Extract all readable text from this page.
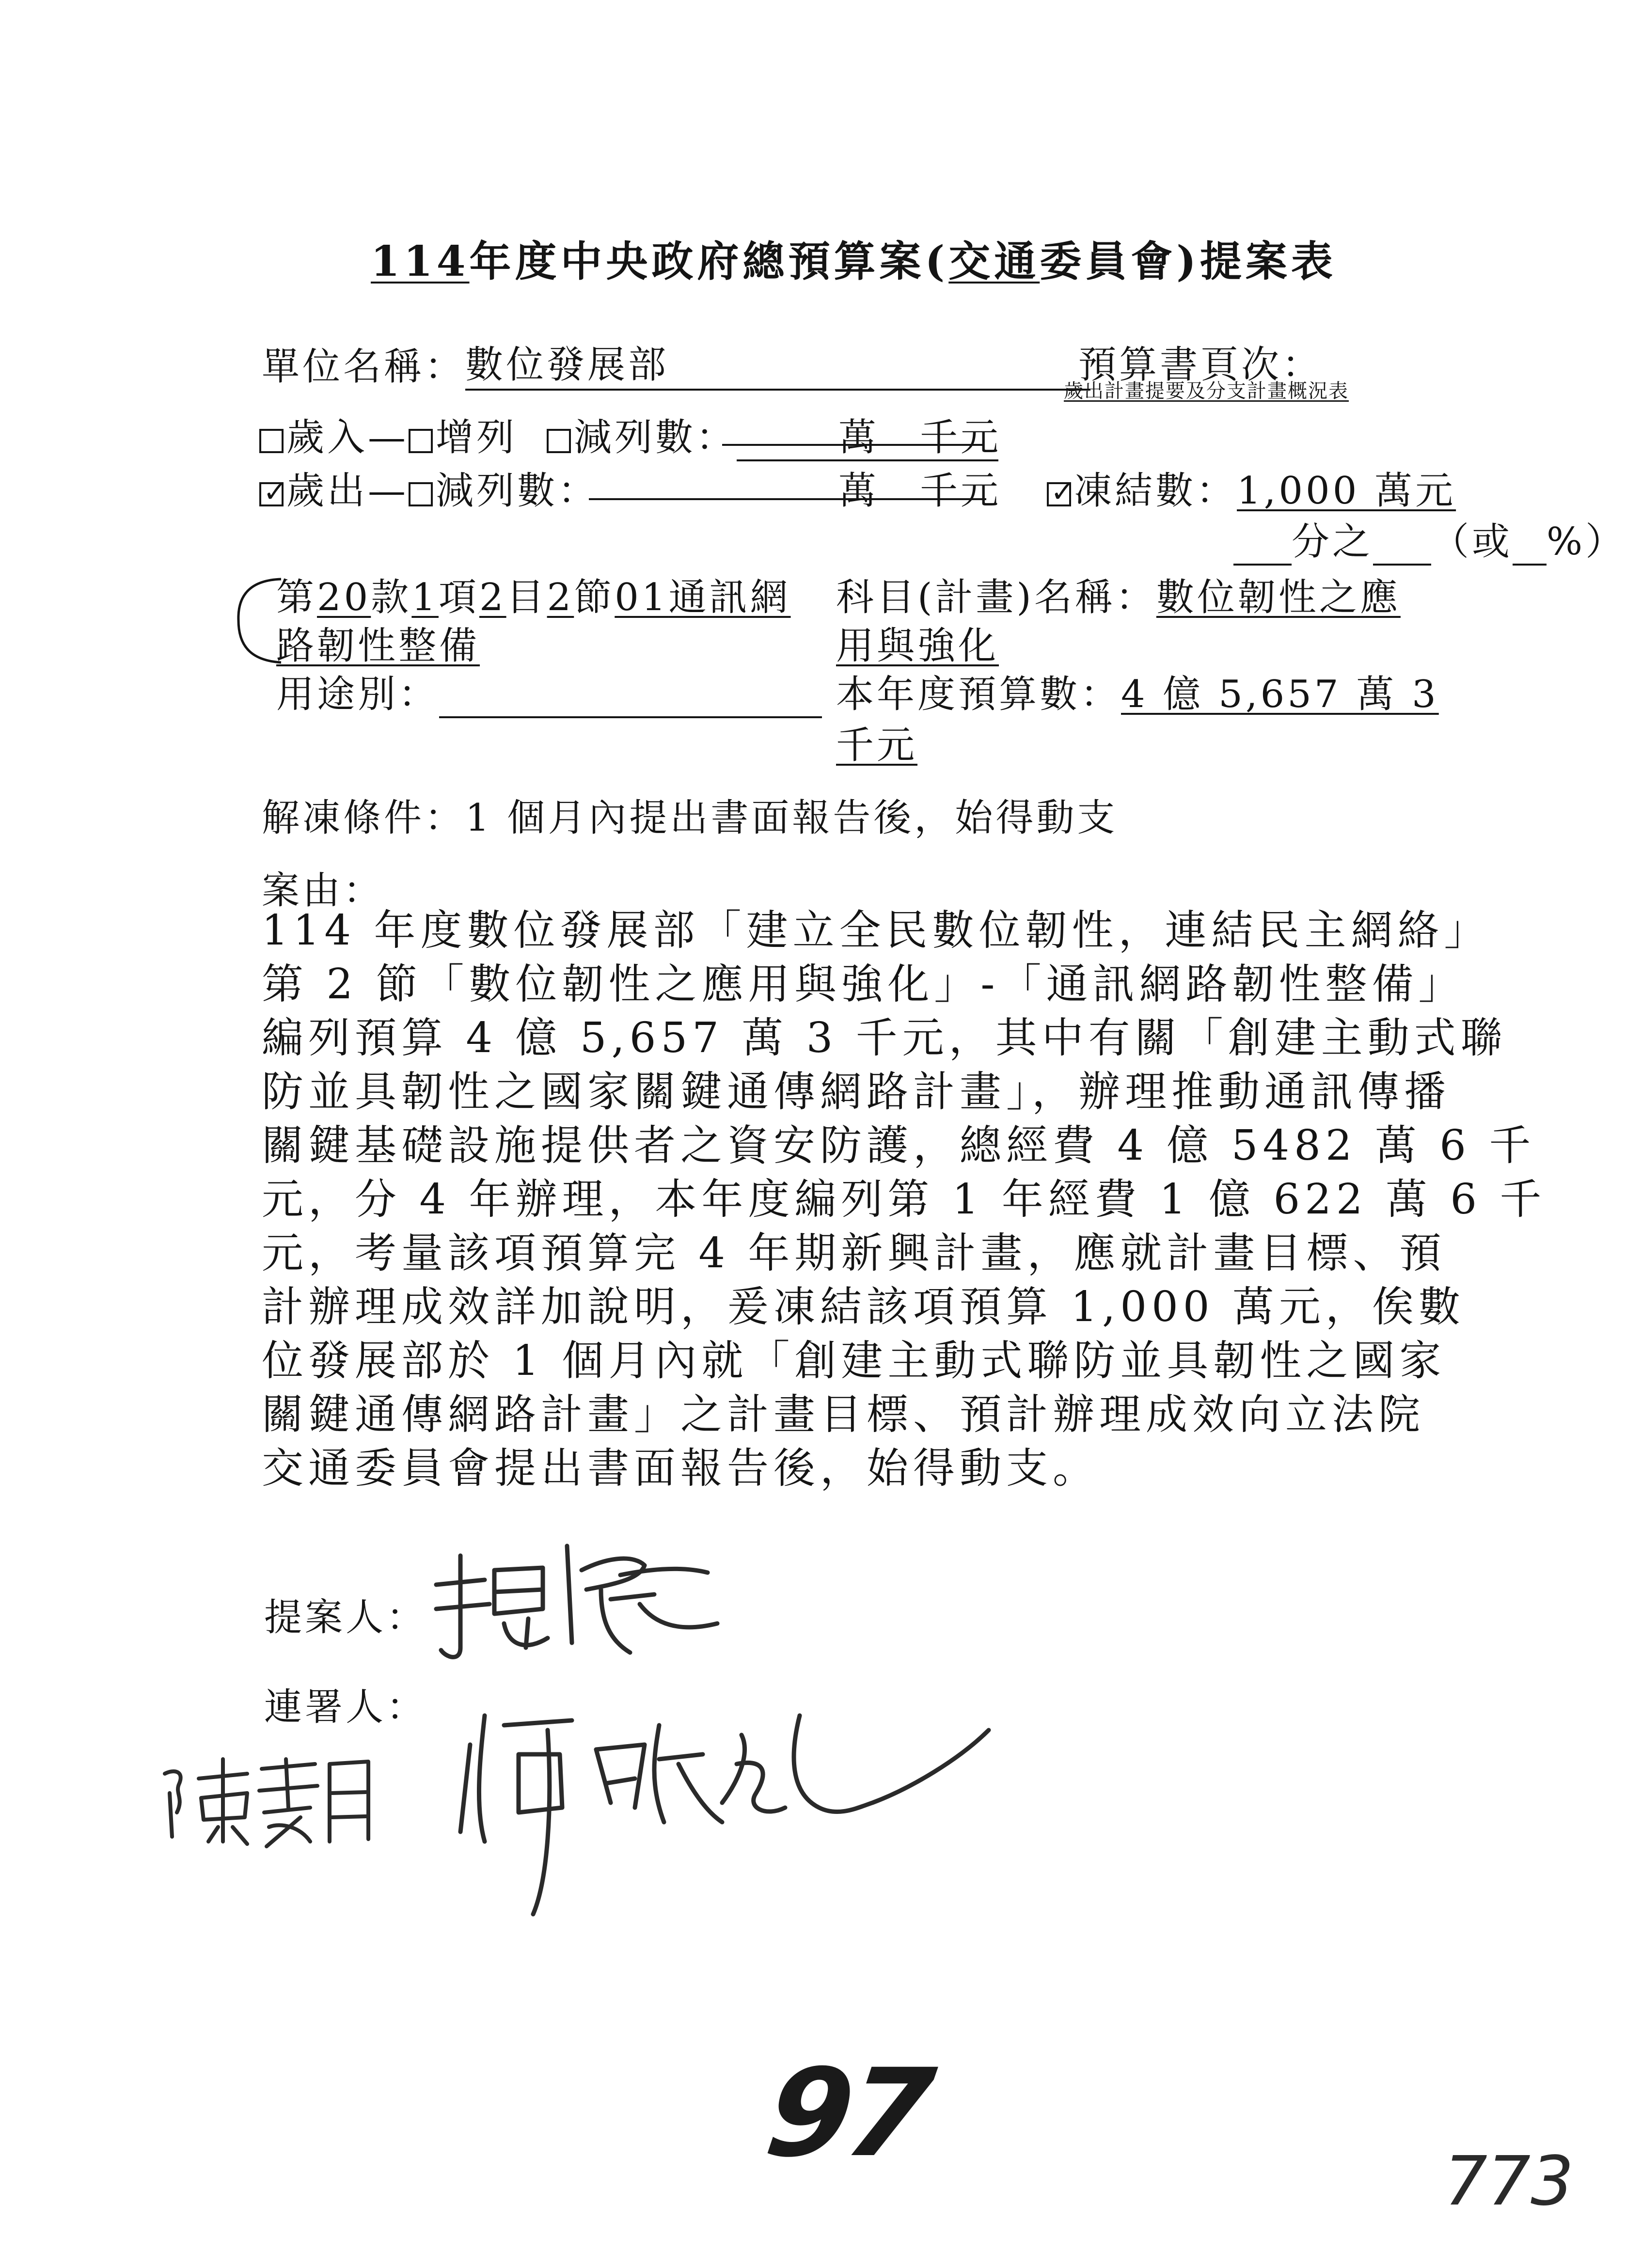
114年度中央政府總預算案(交通委員會)提案表
單位名稱：數位發展部	預算書頁次：
歲出計畫提要及分支計畫概況表
歲入— 增列 減列數：	萬　千元
✓歲出— 減列數：	萬　千元
✓	凍結數：1,000 萬元
分之 （或 %）
第20款1項2目2節01通訊網
路韌性整備
用途別：
科目(計畫)名稱：數位韌性之應
用與強化
本年度預算數：4 億 5,657 萬 3
千元
解凍條件：1 個月內提出書面報告後，始得動支
案由：
114 年度數位發展部「建立全民數位韌性，連結民主網絡」
第 2 節「數位韌性之應用與強化」-「通訊網路韌性整備」
編列預算 4 億 5,657 萬 3 千元，其中有關「創建主動式聯
防並具韌性之國家關鍵通傳網路計畫」，辦理推動通訊傳播
關鍵基礎設施提供者之資安防護，總經費 4 億 5482 萬 6 千
元，分 4 年辦理，本年度編列第 1 年經費 1 億 622 萬 6 千
元，考量該項預算完 4 年期新興計畫，應就計畫目標、預
計辦理成效詳加說明，爰凍結該項預算 1,000 萬元，俟數
位發展部於 1 個月內就「創建主動式聯防並具韌性之國家
關鍵通傳網路計畫」之計畫目標、預計辦理成效向立法院
交通委員會提出書面報告後，始得動支。
提案人：
連署人：
97	773
